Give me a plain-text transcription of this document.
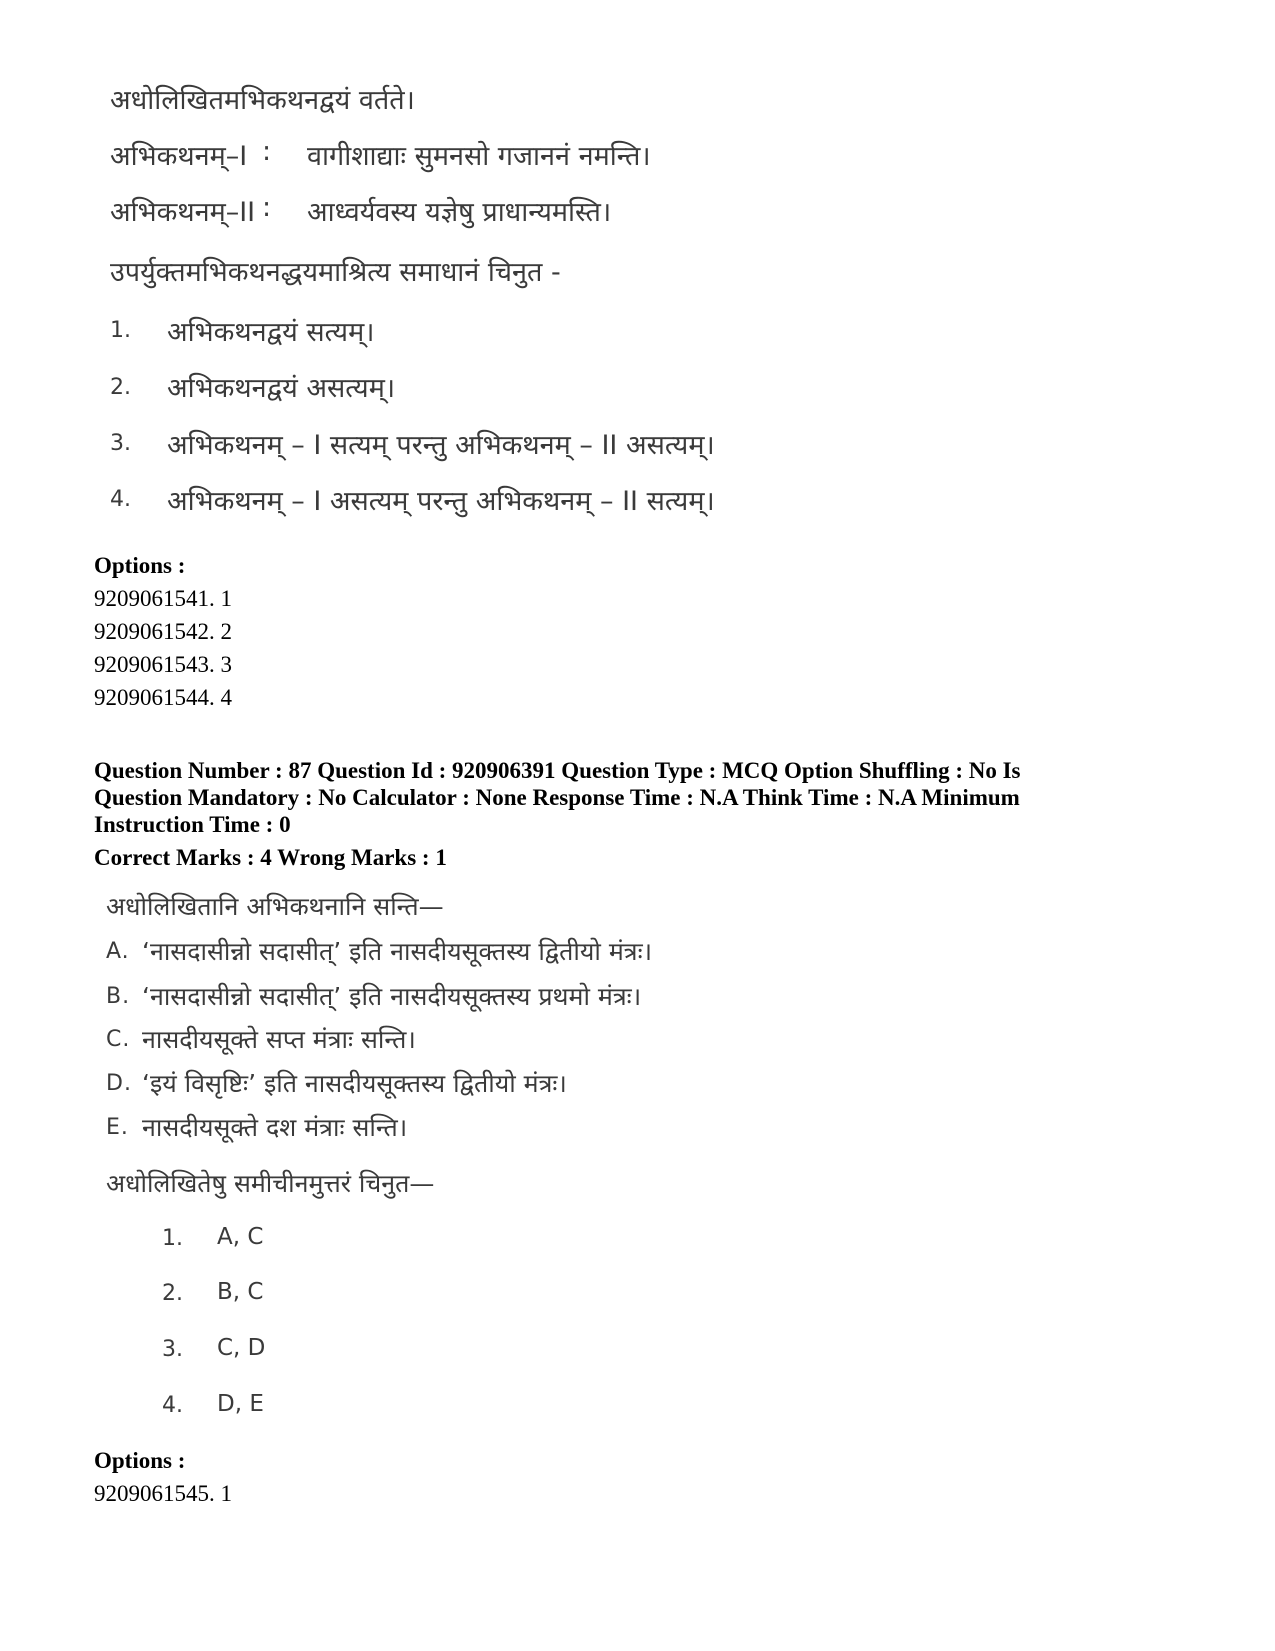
अधोलिखितमभिकथनद्वयं वर्तते।
अभिकथनम्–I : वागीशाद्याः सुमनसो गजाननं नमन्ति।
अभिकथनम्–II : आध्वर्यवस्य यज्ञेषु प्राधान्यमस्ति।
उपर्युक्तमभिकथनद्धयमाश्रित्य समाधानं चिनुत -
1. अभिकथनद्वयं सत्यम्।
2. अभिकथनद्वयं असत्यम्।
3. अभिकथनम् – I सत्यम् परन्तु अभिकथनम् – II असत्यम्।
4. अभिकथनम् – I असत्यम् परन्तु अभिकथनम् – II सत्यम्।
Options :
9209061541. 1
9209061542. 2
9209061543. 3
9209061544. 4
Question Number : 87 Question Id : 920906391 Question Type : MCQ Option Shuffling : No Is
Question Mandatory : No Calculator : None Response Time : N.A Think Time : N.A Minimum
Instruction Time : 0
Correct Marks : 4 Wrong Marks : 1
अधोलिखितानि अभिकथनानि सन्ति—
A. ‘नासदासीन्नो सदासीत्’ इति नासदीयसूक्तस्य द्वितीयो मंत्रः।
B. ‘नासदासीन्नो सदासीत्’ इति नासदीयसूक्तस्य प्रथमो मंत्रः।
C. नासदीयसूक्ते सप्त मंत्राः सन्ति।
D. ‘इयं विसृष्टिः’ इति नासदीयसूक्तस्य द्वितीयो मंत्रः।
E. नासदीयसूक्ते दश मंत्राः सन्ति।
अधोलिखितेषु समीचीनमुत्तरं चिनुत—
1. A, C
2. B, C
3. C, D
4. D, E
Options :
9209061545. 1
